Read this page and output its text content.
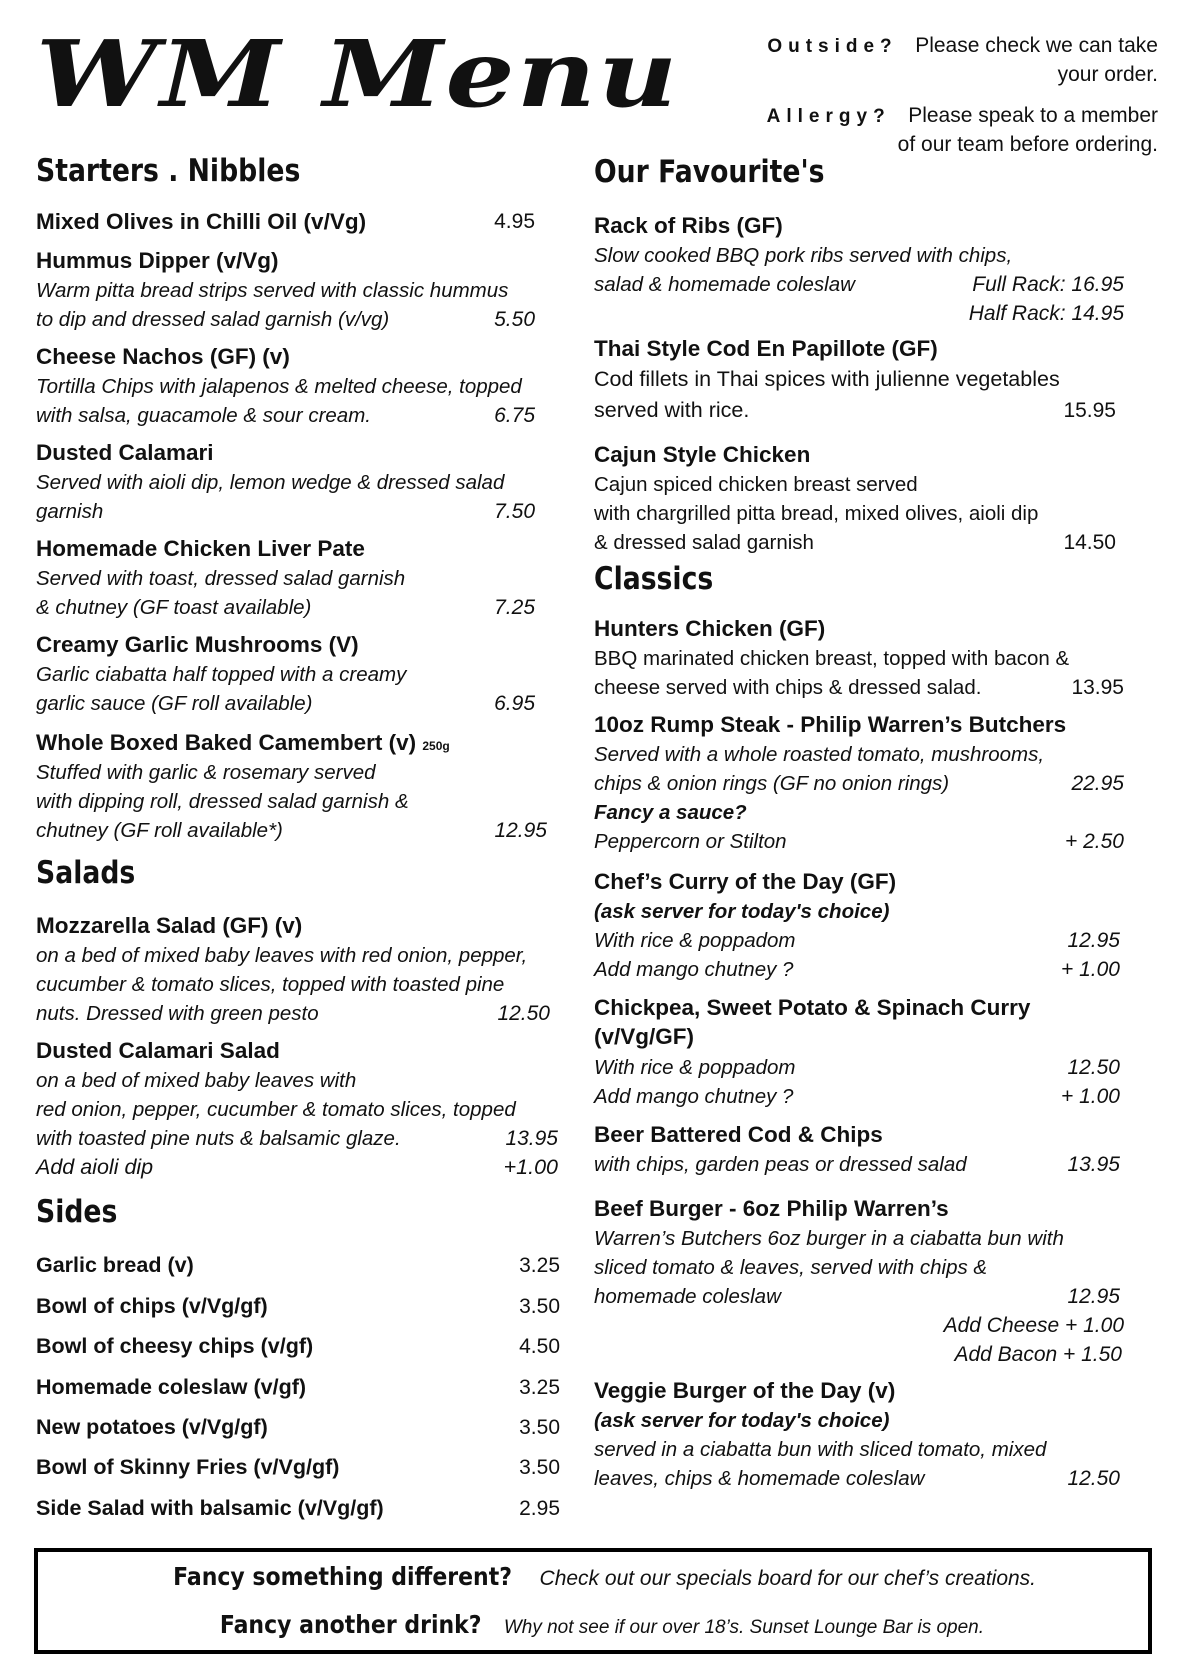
WM Menu	Outside? Please check we can take
your order.
Allergy? Please speak to a member
of our team before ordering.
Starters . Nibbles
Mixed Olives in Chilli Oil (v/Vg)	4.95
Hummus Dipper (v/Vg)
Warm pitta bread strips served with classic hummus
to dip and dressed salad garnish (v/vg)	5.50
Cheese Nachos (GF) (v)
Tortilla Chips with jalapenos & melted cheese, topped
with salsa, guacamole & sour cream.	6.75
Dusted Calamari
Served with aioli dip, lemon wedge & dressed salad
garnish	7.50
Homemade Chicken Liver Pate
Served with toast, dressed salad garnish
& chutney (GF toast available)	7.25
Creamy Garlic Mushrooms (V)
Garlic ciabatta half topped with a creamy
garlic sauce (GF roll available)	6.95
Whole Boxed Baked Camembert (v) 250g
Stuffed with garlic & rosemary served
with dipping roll, dressed salad garnish &
chutney (GF roll available*)	12.95
Salads
Mozzarella Salad (GF) (v)
on a bed of mixed baby leaves with red onion, pepper,
cucumber & tomato slices, topped with toasted pine
nuts. Dressed with green pesto	12.50
Dusted Calamari Salad
on a bed of mixed baby leaves with
red onion, pepper, cucumber & tomato slices, topped
with toasted pine nuts & balsamic glaze.	13.95
Add aioli dip	+1.00
Sides
Garlic bread (v)	3.25
Bowl of chips (v/Vg/gf)	3.50
Bowl of cheesy chips (v/gf)	4.50
Homemade coleslaw (v/gf)	3.25
New potatoes (v/Vg/gf)	3.50
Bowl of Skinny Fries (v/Vg/gf)	3.50
Side Salad with balsamic (v/Vg/gf)	2.95
Our Favourite's
Rack of Ribs (GF)
Slow cooked BBQ pork ribs served with chips,
salad & homemade coleslaw	Full Rack: 16.95
Half Rack: 14.95
Thai Style Cod En Papillote (GF)
Cod fillets in Thai spices with julienne vegetables
served with rice.	15.95
Cajun Style Chicken
Cajun spiced chicken breast served
with chargrilled pitta bread, mixed olives, aioli dip
& dressed salad garnish	14.50
Classics
Hunters Chicken (GF)
BBQ marinated chicken breast, topped with bacon &
cheese served with chips & dressed salad.	13.95
10oz Rump Steak - Philip Warren’s Butchers
Served with a whole roasted tomato, mushrooms,
chips & onion rings (GF no onion rings)	22.95
Fancy a sauce?
Peppercorn or Stilton	+ 2.50
Chef’s Curry of the Day (GF)
(ask server for today's choice)
With rice & poppadom	12.95
Add mango chutney ?	+ 1.00
Chickpea, Sweet Potato & Spinach Curry
(v/Vg/GF)
With rice & poppadom	12.50
Add mango chutney ?	+ 1.00
Beer Battered Cod & Chips
with chips, garden peas or dressed salad	13.95
Beef Burger - 6oz Philip Warren’s
Warren’s Butchers 6oz burger in a ciabatta bun with
sliced tomato & leaves, served with chips &
homemade coleslaw	12.95
Add Cheese + 1.00
Add Bacon + 1.50
Veggie Burger of the Day (v)
(ask server for today's choice)
served in a ciabatta bun with sliced tomato, mixed
leaves, chips & homemade coleslaw	12.50
Fancy something different? Check out our specials board for our chef’s creations.
Fancy another drink? Why not see if our over 18’s. Sunset Lounge Bar is open.
